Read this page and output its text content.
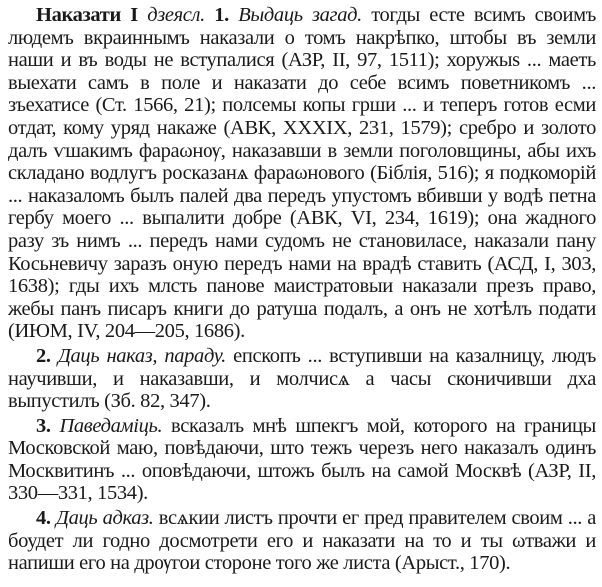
Наказати I дзеясл. 1. Выдаць загад. тогды есте всимъ своимъ людемъ вкраиннымъ наказали о томъ накрѣпко, штобы въ земли наши и въ воды не вступалися (АЗР, II, 97, 1511); хоружыs ... маеть выехати самъ в поле и наказати до себе всимъ поветникомъ ... зъехатисе (Ст. 1566, 21); полсемы копы грши ... и теперъ готов есми отдат, кому уряд накаже (АВК, XXXIX, 231, 1579); сребро и золото далъ ѵшакимъ фараωнѹ, наказавши в земли поголовщины, абы ихъ складано водлугъ росказанѧ фараωнового (Біблія, 516); я подкоморій ... наказаломъ былъ палей два передъ упустомъ вбивши у водѣ петна гербу моего ... выпалити добре (АВК, VI, 234, 1619); она жадного разу зъ нимъ ... передъ нами судомъ не становиласе, наказали пану Косьневичу заразъ оную передъ нами на врадѣ ставить (АСД, I, 303, 1638); гды ихъ млсть панове маистратовыи наказали презъ право, жебы панъ писаръ книги до ратуша подалъ, а онъ не хотѣлъ подати (ИЮМ, IV, 204—205, 1686).

2. Даць наказ, параду. епскопъ ... вступивши на казалницу, людъ научивши, и наказавши, и молчисѧ а часы сконичивши дха выпустилъ (Зб. 82, 347).

3. Паведаміць. всказалъ мнѣ шпекгъ мой, которого на границы Московской маю, повѣдаючи, што тежъ черезъ него наказалъ одинъ Москвитинъ ... оповѣдаючи, штожъ былъ на самой Москвѣ (АЗР, II, 330—331, 1534).

4. Даць адказ. всѧкии листъ прочти ег пред правителем своим ... а боудет ли годно досмотрети его и наказати на то и ты ωтважи и напиши его на дрѹгои стороне того же листа (Арыст., 170).
